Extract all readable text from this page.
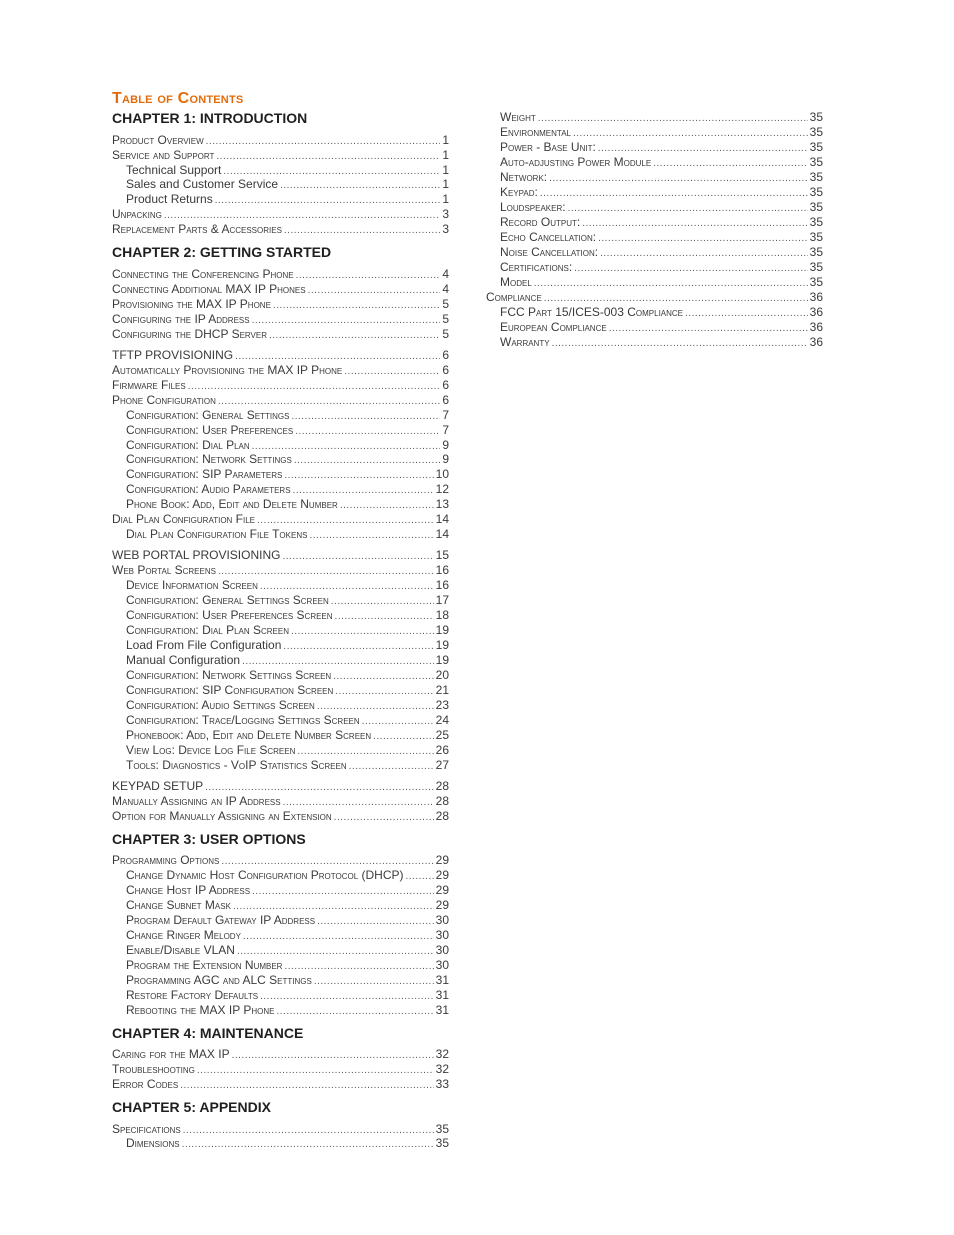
Table of Contents
CHAPTER 1: INTRODUCTION
Product Overview .....	1
Service and Support .....	1
Technical Support .....	1
Sales and Customer Service .....	1
Product Returns .....	1
Unpacking .....	3
Replacement Parts & Accessories .....	3
CHAPTER 2: GETTING STARTED
Connecting the Conferencing Phone .....	4
Connecting Additional MAX IP Phones .....	4
Provisioning the MAX IP Phone .....	5
Configuring the IP Address .....	5
Configuring the DHCP Server .....	5
TFTP PROVISIONING .....	6
Automatically Provisioning the MAX IP Phone .....	6
Firmware Files .....	6
Phone Configuration .....	6
Configuration: General Settings .....	7
Configuration: User Preferences .....	7
Configuration: Dial Plan .....	9
Configuration: Network Settings .....	9
Configuration: SIP Parameters .....	10
Configuration: Audio Parameters .....	12
Phone Book: Add, Edit and Delete Number .....	13
Dial Plan Configuration File .....	14
Dial Plan Configuration File Tokens .....	14
WEB PORTAL PROVISIONING .....	15
Web Portal Screens .....	16
Device Information Screen .....	16
Configuration: General Settings Screen .....	17
Configuration: User Preferences Screen .....	18
Configuration: Dial Plan Screen .....	19
Load From File Configuration .....	19
Manual Configuration .....	19
Configuration: Network Settings Screen .....	20
Configuration: SIP Configuration Screen .....	21
Configuration: Audio Settings Screen .....	23
Configuration: Trace/Logging Settings Screen .....	24
Phonebook: Add, Edit and Delete Number Screen .....	25
View Log: Device Log File Screen .....	26
Tools: Diagnostics - VoIP Statistics Screen .....	27
KEYPAD SETUP .....	28
Manually Assigning an IP Address .....	28
Option for Manually Assigning an Extension .....	28
CHAPTER 3: USER OPTIONS
Programming Options .....	29
Change Dynamic Host Configuration Protocol (DHCP) .....	29
Change Host IP Address .....	29
Change Subnet Mask .....	29
Program Default Gateway IP Address .....	30
Change Ringer Melody .....	30
Enable/Disable VLAN .....	30
Program the Extension Number .....	30
Programming AGC and ALC Settings .....	31
Restore Factory Defaults .....	31
Rebooting the MAX IP Phone .....	31
CHAPTER 4: MAINTENANCE
Caring for the MAX IP .....	32
Troubleshooting .....	32
Error Codes .....	33
CHAPTER 5: APPENDIX
Specifications .....	35
Dimensions .....	35
Weight .....	35
Environmental .....	35
Power - Base Unit: .....	35
Auto-adjusting Power Module .....	35
Network: .....	35
Keypad: .....	35
Loudspeaker: .....	35
Record Output: .....	35
Echo Cancellation: .....	35
Noise Cancellation: .....	35
Certifications: .....	35
Model .....	35
Compliance .....	36
FCC Part 15/ICES-003 Compliance .....	36
European Compliance .....	36
Warranty .....	36
